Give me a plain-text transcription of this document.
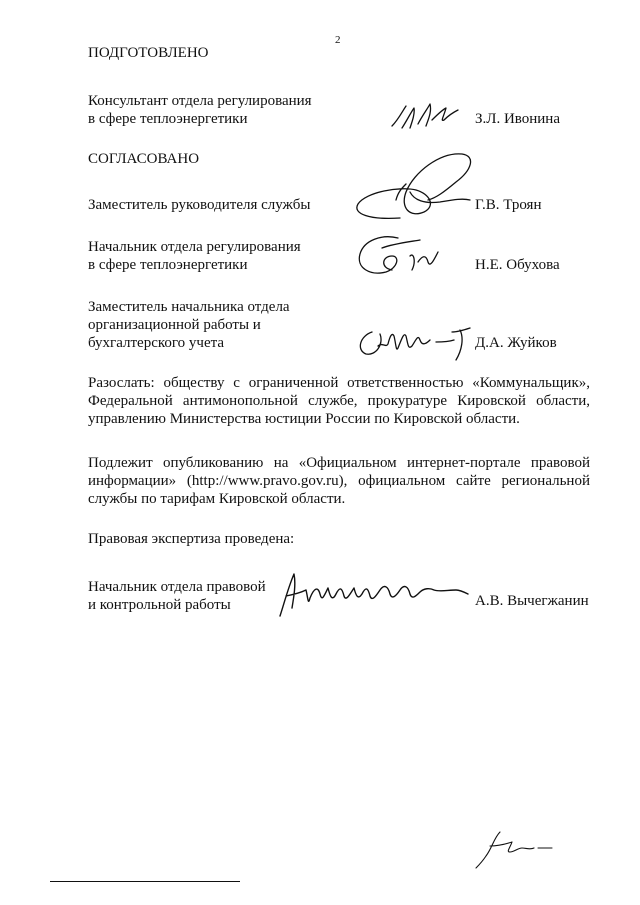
2
ПОДГОТОВЛЕНО
Консультант отдела регулирования
в сфере теплоэнергетики	З.Л. Ивонина
СОГЛАСОВАНО
Заместитель руководителя службы	Г.В. Троян
Начальник отдела регулирования
в сфере теплоэнергетики	Н.Е. Обухова
Заместитель начальника отдела
организационной работы и
бухгалтерского учета	Д.А. Жуйков
Разослать: обществу с ограниченной ответственностью «Коммунальщик»,
Федеральной антимонопольной службе, прокуратуре Кировской области,
управлению Министерства юстиции России по Кировской области.
Подлежит опубликованию на «Официальном интернет-портале правовой
информации» (http://www.pravo.gov.ru), официальном сайте региональной
службы по тарифам Кировской области.
Правовая экспертиза проведена:
Начальник отдела правовой
и контрольной работы	А.В. Вычегжанин
